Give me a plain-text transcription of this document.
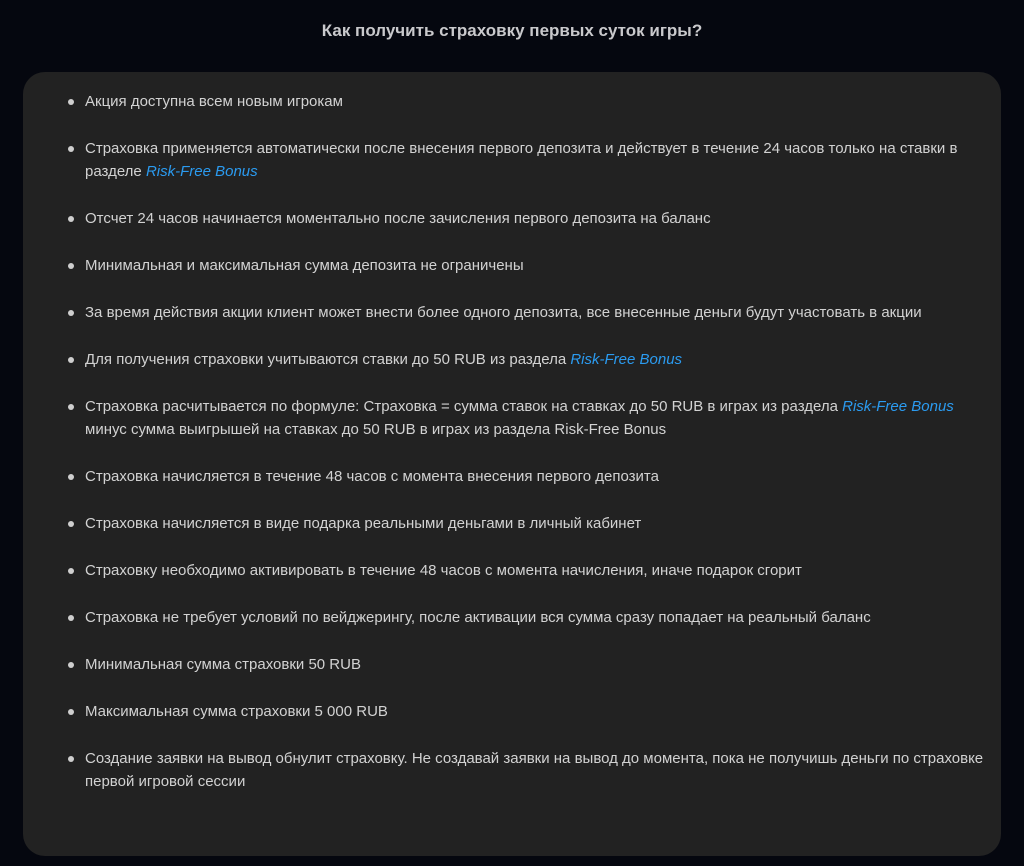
Как получить страховку первых суток игры?
Акция доступна всем новым игрокам
Страховка применяется автоматически после внесения первого депозита и действует в течение 24 часов только на ставки в разделе Risk-Free Bonus
Отсчет 24 часов начинается моментально после зачисления первого депозита на баланс
Минимальная и максимальная сумма депозита не ограничены
За время действия акции клиент может внести более одного депозита, все внесенные деньги будут участовать в акции
Для получения страховки учитываются ставки до 50 RUB из раздела Risk-Free Bonus
Страховка расчитывается по формуле: Страховка = сумма ставок на ставках до 50 RUB в играх из раздела Risk-Free Bonus  минус сумма выигрышей на ставках до 50 RUB в играх из раздела Risk-Free Bonus
Страховка начисляется в течение 48 часов с момента внесения первого депозита
Страховка начисляется в виде подарка реальными деньгами в личный кабинет
Страховку необходимо активировать в течение 48 часов с момента начисления, иначе подарок сгорит
Страховка не требует условий по вейджерингу, после активации вся сумма сразу попадает на реальный баланс
Минимальная сумма страховки 50 RUB
Максимальная сумма страховки 5 000 RUB
Создание заявки на вывод обнулит страховку. Не создавай заявки на вывод до момента, пока не получишь деньги по страховке первой игровой сессии
